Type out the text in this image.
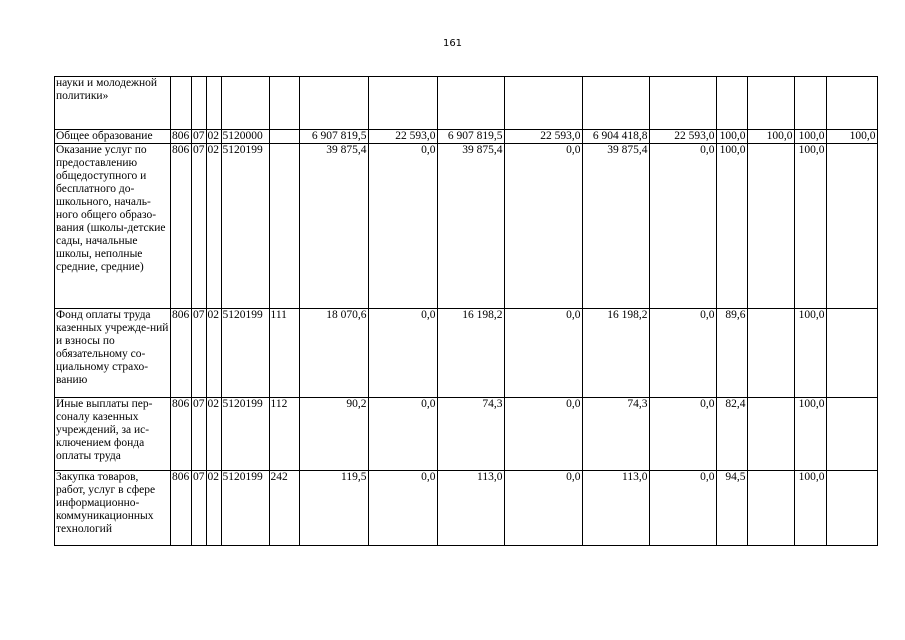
161
науки и молодежной политики»															
Общее образование	806	07	02	5120000		6 907 819,5	22 593,0	6 907 819,5	22 593,0	6 904 418,8	22 593,0	100,0	100,0	100,0	100,0
Оказание услуг по предоставлению общедоступного и бесплатного до-школьного, началь-ного общего образо-вания (школы-детские сады, начальные школы, неполные средние, средние)	806	07	02	5120199		39 875,4	0,0	39 875,4	0,0	39 875,4	0,0	100,0		100,0	
Фонд оплаты труда казенных учрежде-ний и взносы по обязательному со-циальному страхо-ванию	806	07	02	5120199	111	18 070,6	0,0	16 198,2	0,0	16 198,2	0,0	89,6		100,0	
Иные выплаты пер-соналу казенных учреждений, за ис-ключением фонда оплаты труда	806	07	02	5120199	112	90,2	0,0	74,3	0,0	74,3	0,0	82,4		100,0	
Закупка товаров, работ, услуг в сфере информационно-коммуникационных технологий	806	07	02	5120199	242	119,5	0,0	113,0	0,0	113,0	0,0	94,5		100,0	
